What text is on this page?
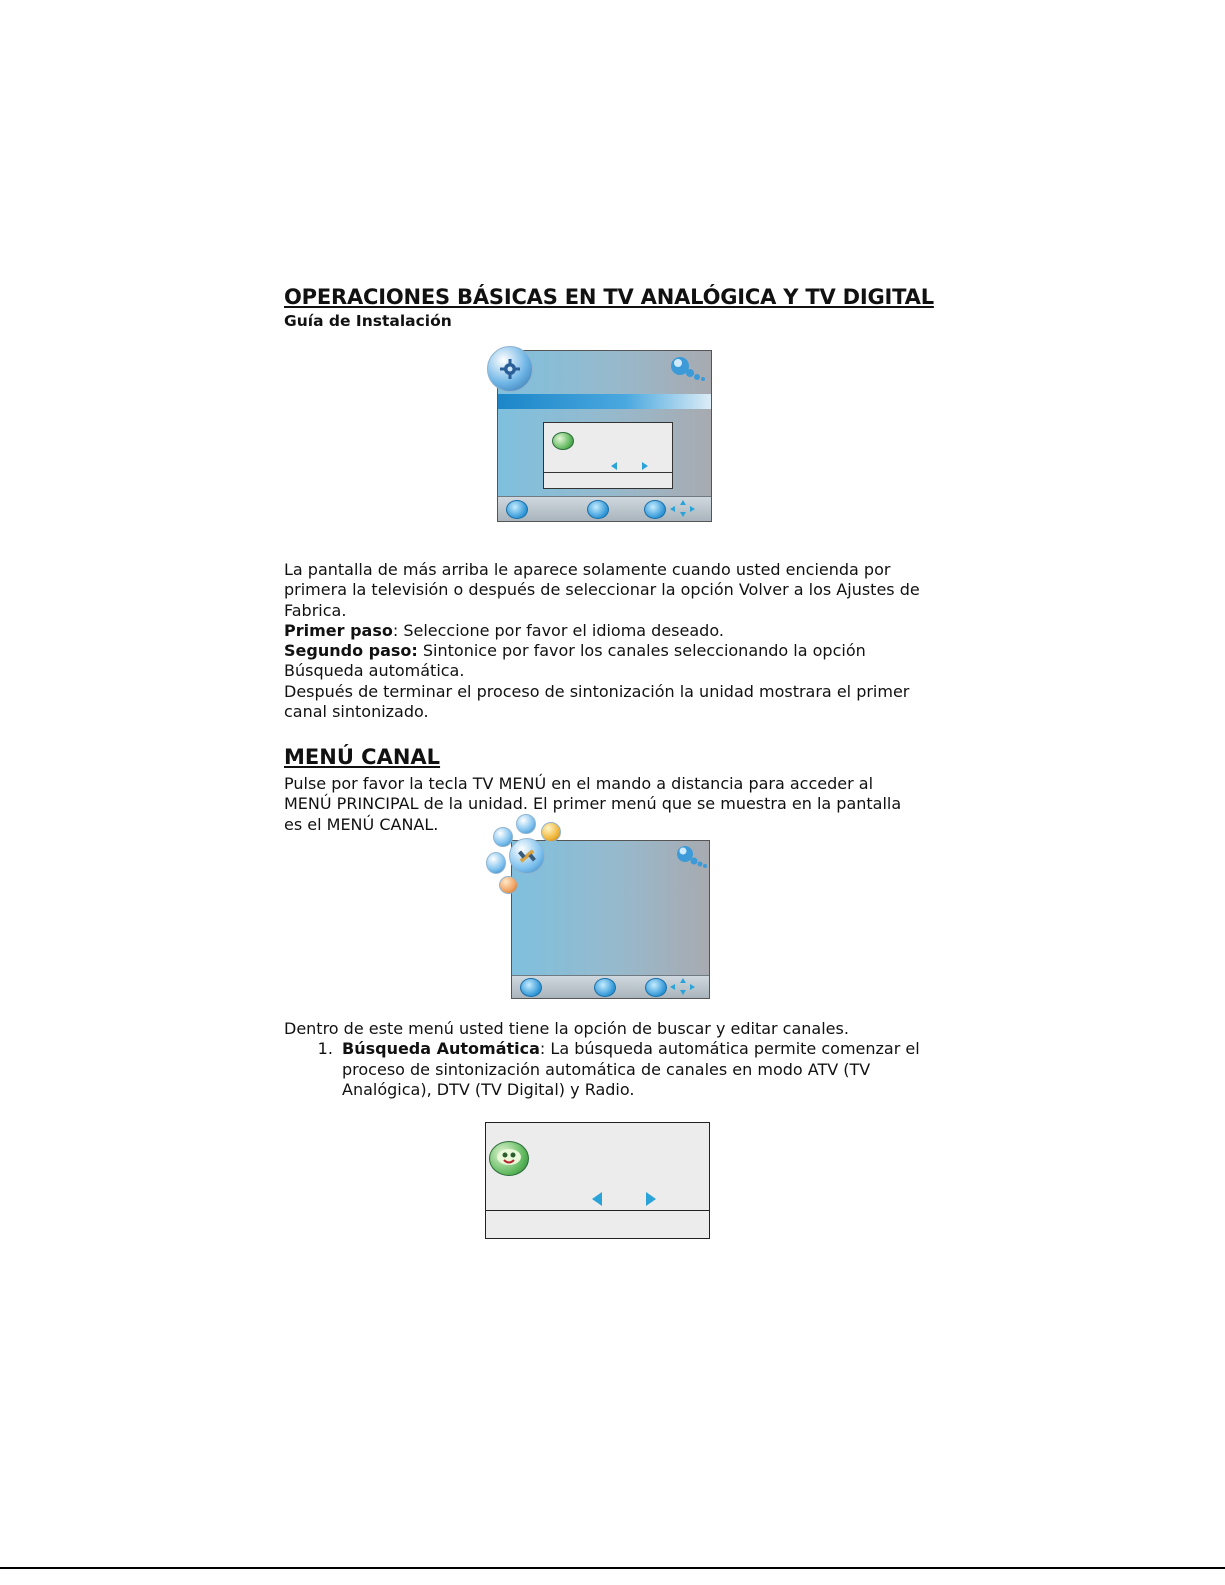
OPERACIONES BÁSICAS EN TV ANALÓGICA Y TV DIGITAL
Guía de Instalación

La pantalla de más arriba le aparece solamente cuando usted encienda por primera la televisión o después de seleccionar la opción Volver a los Ajustes de Fabrica.

Primer paso: Seleccione por favor el idioma deseado.

Segundo paso: Sintonice por favor los canales seleccionando la opción Búsqueda automática.

Después de terminar el proceso de sintonización la unidad mostrara el primer canal sintonizado.

MENÚ CANAL

Pulse por favor la tecla TV MENÚ en el mando a distancia para acceder al MENÚ PRINCIPAL de la unidad. El primer menú que se muestra en la pantalla es el MENÚ CANAL.

Dentro de este menú usted tiene la opción de buscar y editar canales.

1. Búsqueda Automática: La búsqueda automática permite comenzar el proceso de sintonización automática de canales en modo ATV (TV Analógica), DTV (TV Digital) y Radio.
